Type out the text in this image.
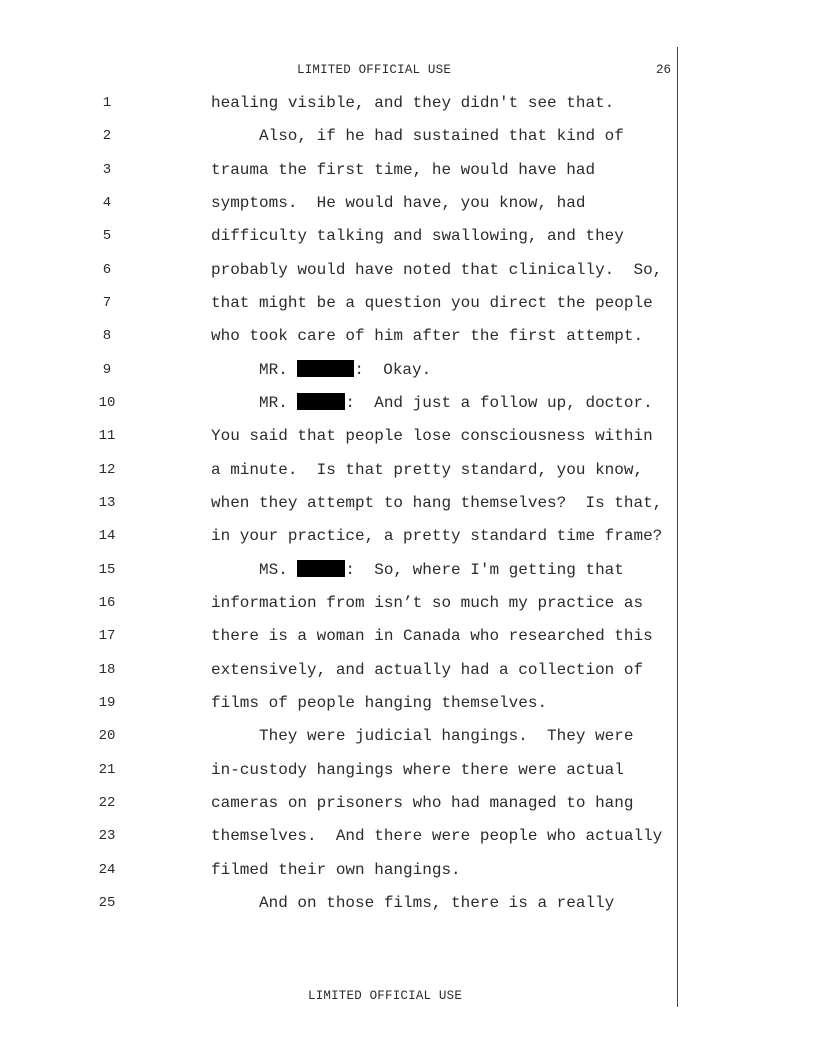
LIMITED OFFICIAL USE	26
1	healing visible, and they didn't see that.
2	Also, if he had sustained that kind of
3	trauma the first time, he would have had
4	symptoms.  He would have, you know, had
5	difficulty talking and swallowing, and they
6	probably would have noted that clinically.  So,
7	that might be a question you direct the people
8	who took care of him after the first attempt.
9	MR.	:  Okay.
10	MR.	:  And just a follow up, doctor.
11	You said that people lose consciousness within
12	a minute.  Is that pretty standard, you know,
13	when they attempt to hang themselves?  Is that,
14	in your practice, a pretty standard time frame?
15	MS.	:  So, where I'm getting that
16	information from isn’t so much my practice as
17	there is a woman in Canada who researched this
18	extensively, and actually had a collection of
19	films of people hanging themselves.
20	They were judicial hangings.  They were
21	in-custody hangings where there were actual
22	cameras on prisoners who had managed to hang
23	themselves.  And there were people who actually
24	filmed their own hangings.
25	And on those films, there is a really
LIMITED OFFICIAL USE
